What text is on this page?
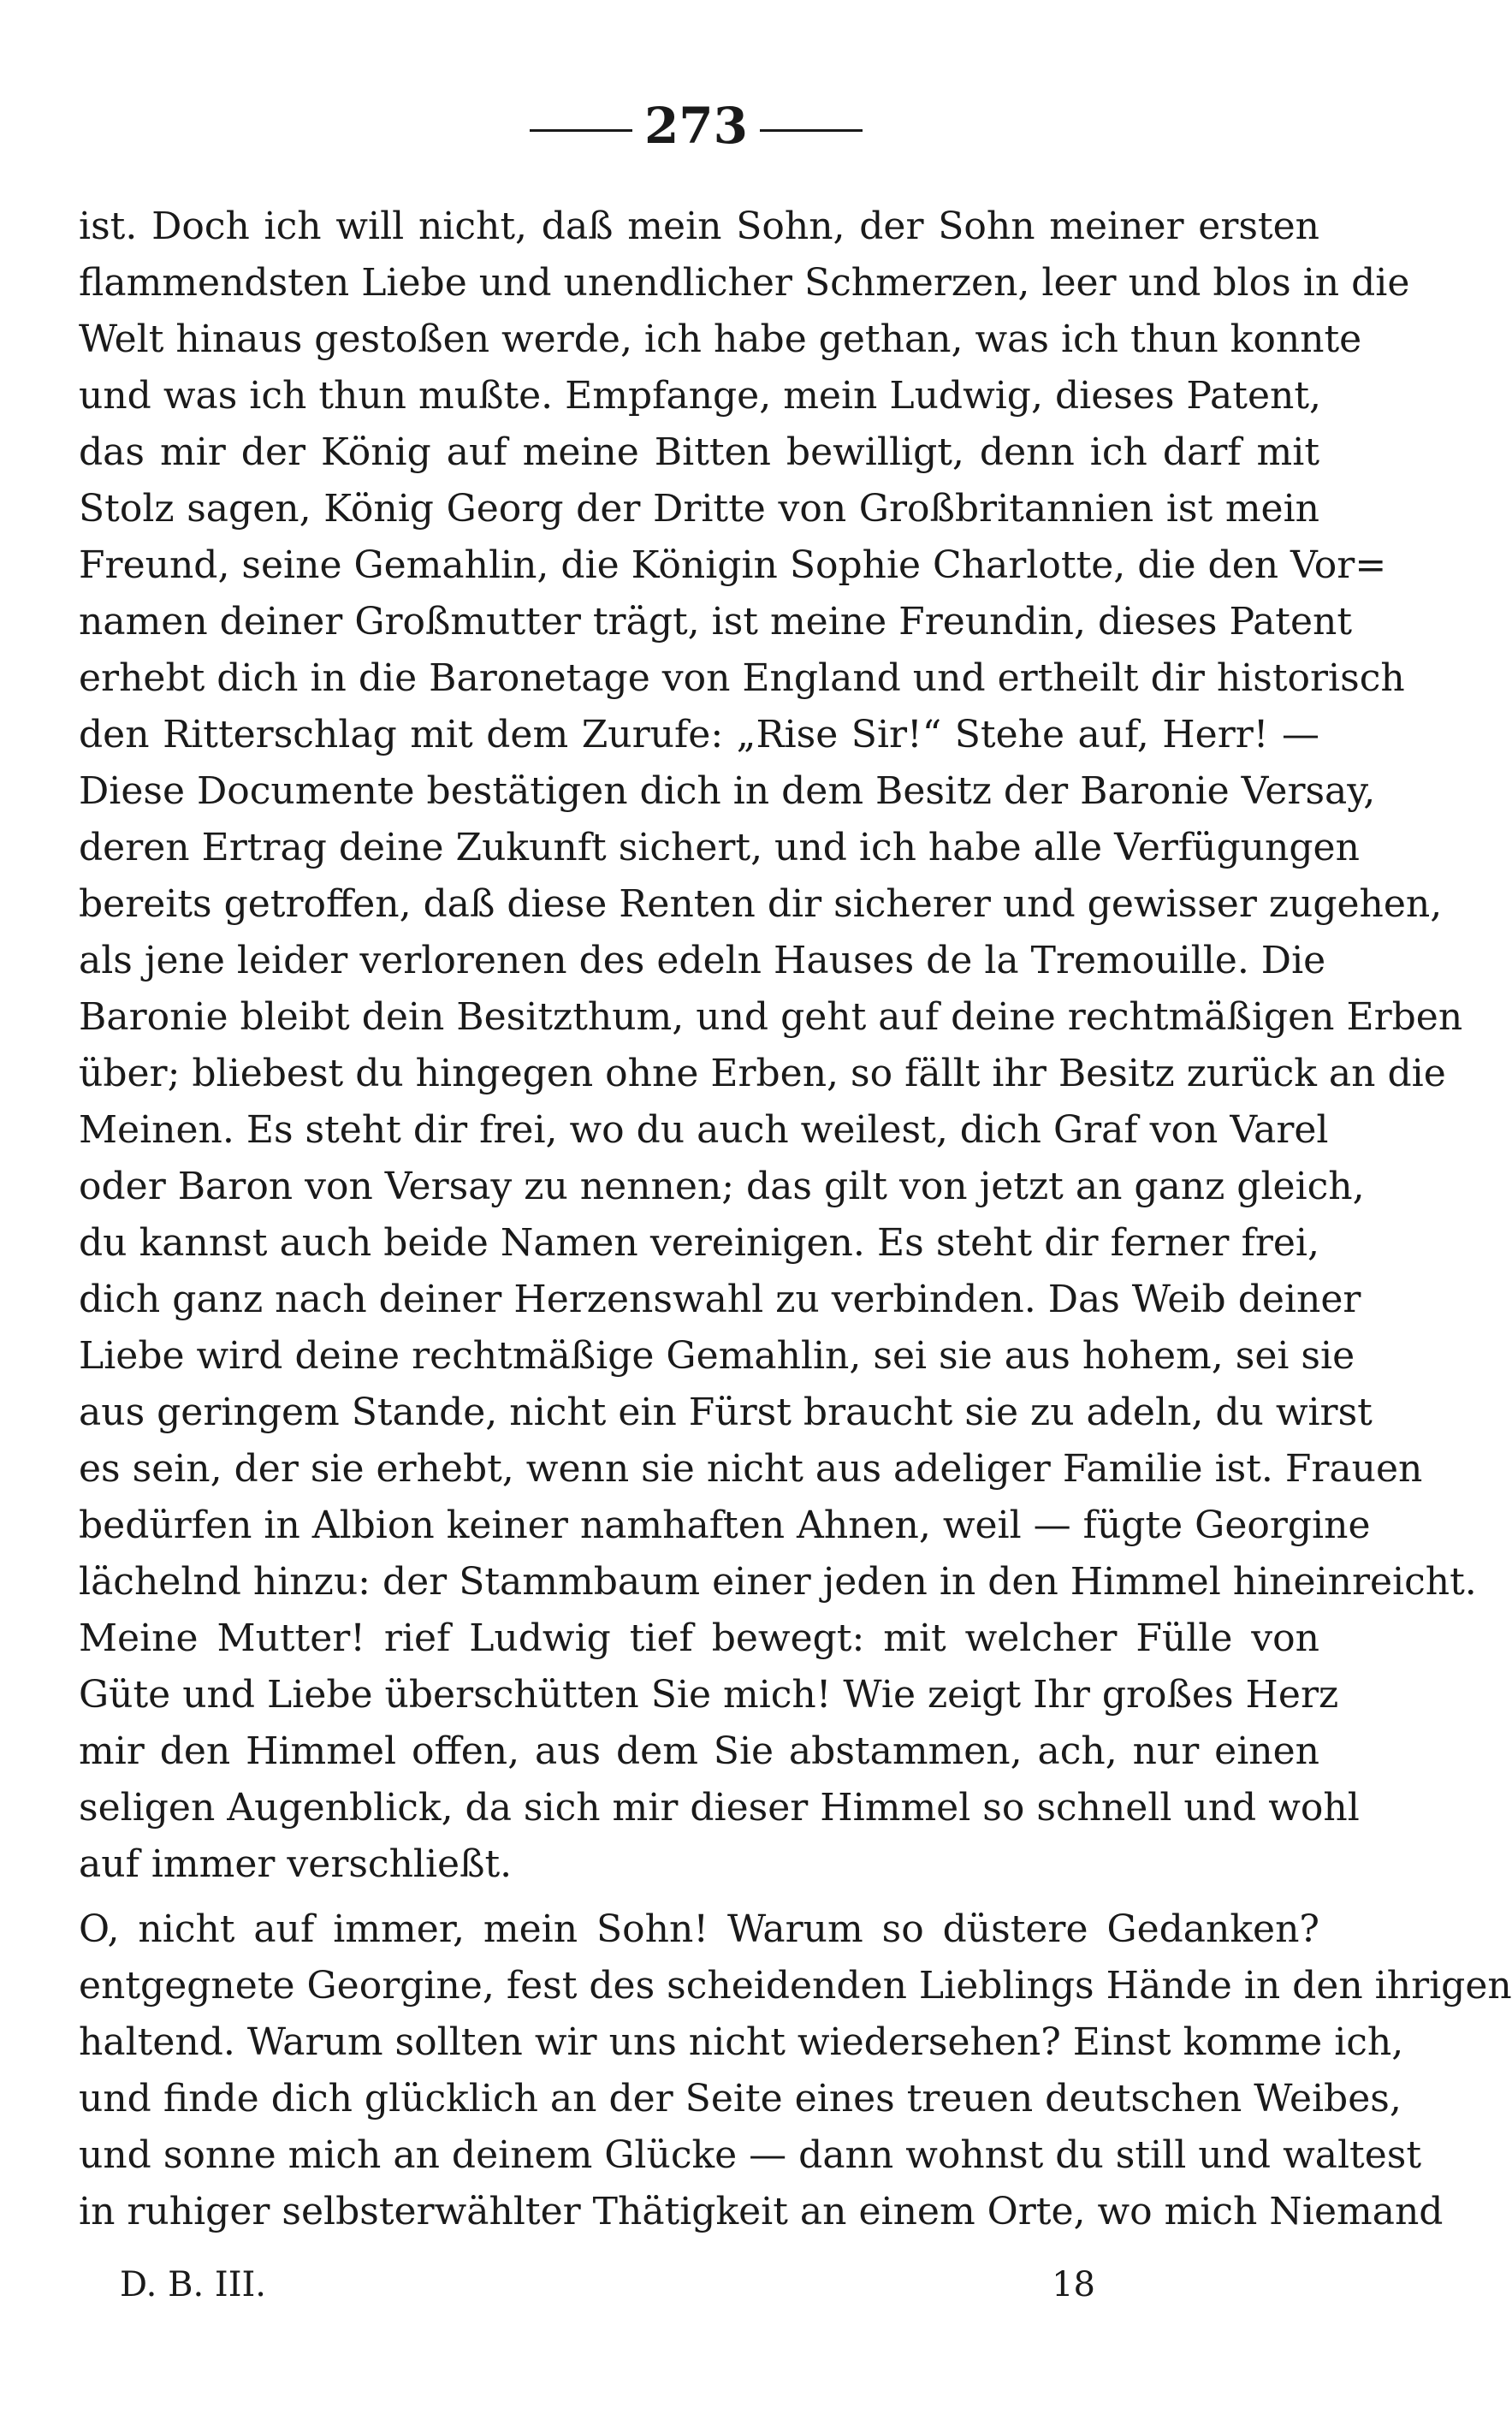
273
ist. Doch ich will nicht, daß mein Sohn, der Sohn meiner ersten
flammendsten Liebe und unendlicher Schmerzen, leer und blos in die
Welt hinaus gestoßen werde, ich habe gethan, was ich thun konnte
und was ich thun mußte. Empfange, mein Ludwig, dieses Patent,
das mir der König auf meine Bitten bewilligt, denn ich darf mit
Stolz sagen, König Georg der Dritte von Großbritannien ist mein
Freund, seine Gemahlin, die Königin Sophie Charlotte, die den Vor=
namen deiner Großmutter trägt, ist meine Freundin, dieses Patent
erhebt dich in die Baronetage von England und ertheilt dir historisch
den Ritterschlag mit dem Zurufe: „Rise Sir!“ Stehe auf, Herr! —
Diese Documente bestätigen dich in dem Besitz der Baronie Versay,
deren Ertrag deine Zukunft sichert, und ich habe alle Verfügungen
bereits getroffen, daß diese Renten dir sicherer und gewisser zugehen,
als jene leider verlorenen des edeln Hauses de la Tremouille. Die
Baronie bleibt dein Besitzthum, und geht auf deine rechtmäßigen Erben
über; bliebest du hingegen ohne Erben, so fällt ihr Besitz zurück an die
Meinen. Es steht dir frei, wo du auch weilest, dich Graf von Varel
oder Baron von Versay zu nennen; das gilt von jetzt an ganz gleich,
du kannst auch beide Namen vereinigen. Es steht dir ferner frei,
dich ganz nach deiner Herzenswahl zu verbinden. Das Weib deiner
Liebe wird deine rechtmäßige Gemahlin, sei sie aus hohem, sei sie
aus geringem Stande, nicht ein Fürst braucht sie zu adeln, du wirst
es sein, der sie erhebt, wenn sie nicht aus adeliger Familie ist. Frauen
bedürfen in Albion keiner namhaften Ahnen, weil — fügte Georgine
lächelnd hinzu: der Stammbaum einer jeden in den Himmel hineinreicht.
Meine Mutter! rief Ludwig tief bewegt: mit welcher Fülle von
Güte und Liebe überschütten Sie mich! Wie zeigt Ihr großes Herz
mir den Himmel offen, aus dem Sie abstammen, ach, nur einen
seligen Augenblick, da sich mir dieser Himmel so schnell und wohl
auf immer verschließt.
O, nicht auf immer, mein Sohn! Warum so düstere Gedanken?
entgegnete Georgine, fest des scheidenden Lieblings Hände in den ihrigen
haltend. Warum sollten wir uns nicht wiedersehen? Einst komme ich,
und finde dich glücklich an der Seite eines treuen deutschen Weibes,
und sonne mich an deinem Glücke — dann wohnst du still und waltest
in ruhiger selbsterwählter Thätigkeit an einem Orte, wo mich Niemand
D. B. III.	18
